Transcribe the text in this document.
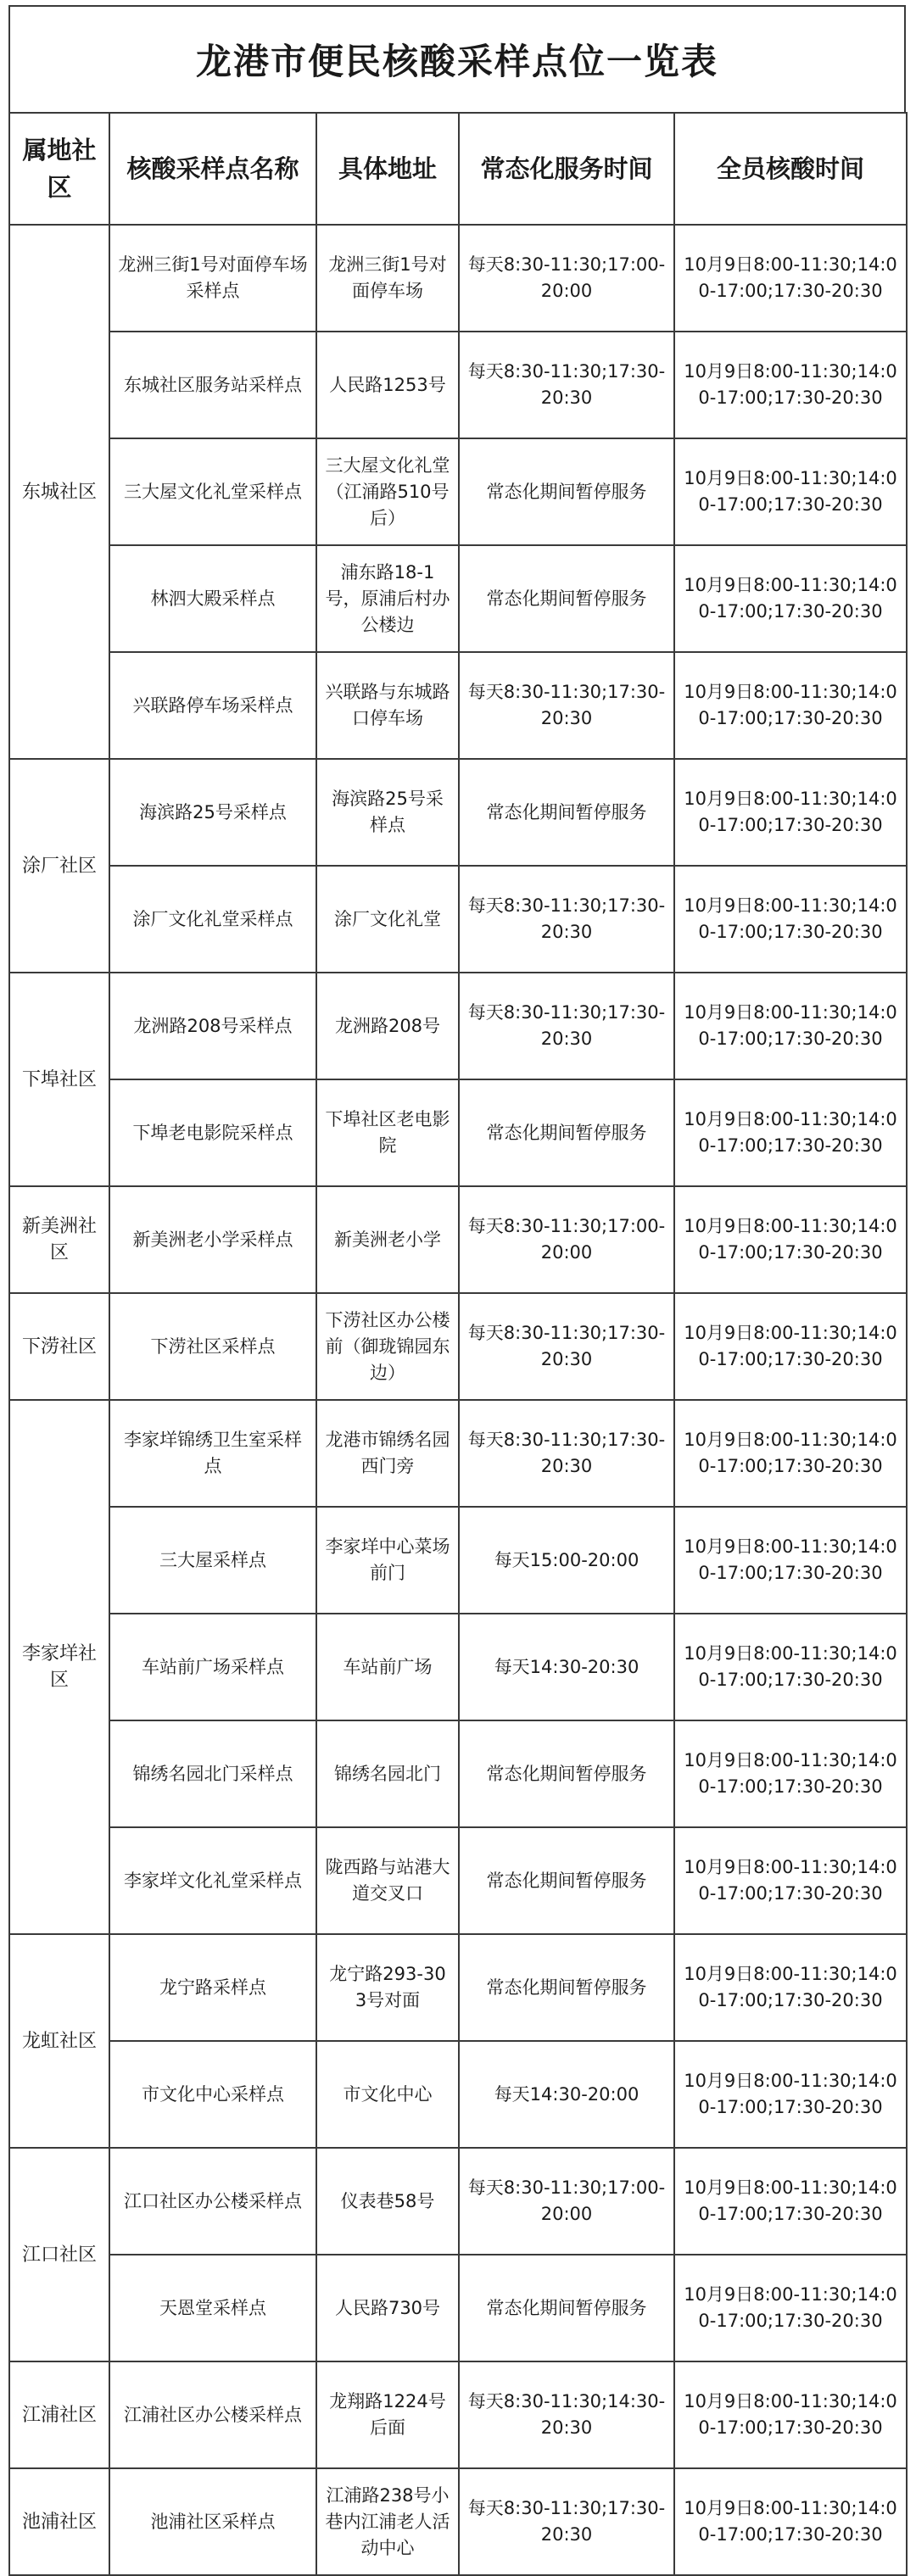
龙港市便民核酸采样点位一览表
属地社区	核酸采样点名称	具体地址	常态化服务时间	全员核酸时间
东城社区	龙洲三街1号对面停车场采样点	龙洲三街1号对面停车场	每天8:30-11:30;17:00-20:00	10月9日8:00-11:30;14:00-17:00;17:30-20:30
	东城社区服务站采样点	人民路1253号	每天8:30-11:30;17:30-20:30	10月9日8:00-11:30;14:00-17:00;17:30-20:30
	三大屋文化礼堂采样点	三大屋文化礼堂（江涌路510号后）	常态化期间暂停服务	10月9日8:00-11:30;14:00-17:00;17:30-20:30
	林泗大殿采样点	浦东路18-1号，原浦后村办公楼边	常态化期间暂停服务	10月9日8:00-11:30;14:00-17:00;17:30-20:30
	兴联路停车场采样点	兴联路与东城路口停车场	每天8:30-11:30;17:30-20:30	10月9日8:00-11:30;14:00-17:00;17:30-20:30
涂厂社区	海滨路25号采样点	海滨路25号采样点	常态化期间暂停服务	10月9日8:00-11:30;14:00-17:00;17:30-20:30
	涂厂文化礼堂采样点	涂厂文化礼堂	每天8:30-11:30;17:30-20:30	10月9日8:00-11:30;14:00-17:00;17:30-20:30
下埠社区	龙洲路208号采样点	龙洲路208号	每天8:30-11:30;17:30-20:30	10月9日8:00-11:30;14:00-17:00;17:30-20:30
	下埠老电影院采样点	下埠社区老电影院	常态化期间暂停服务	10月9日8:00-11:30;14:00-17:00;17:30-20:30
新美洲社区	新美洲老小学采样点	新美洲老小学	每天8:30-11:30;17:00-20:00	10月9日8:00-11:30;14:00-17:00;17:30-20:30
下涝社区	下涝社区采样点	下涝社区办公楼前（御珑锦园东边）	每天8:30-11:30;17:30-20:30	10月9日8:00-11:30;14:00-17:00;17:30-20:30
李家垟社区	李家垟锦绣卫生室采样点	龙港市锦绣名园西门旁	每天8:30-11:30;17:30-20:30	10月9日8:00-11:30;14:00-17:00;17:30-20:30
	三大屋采样点	李家垟中心菜场前门	每天15:00-20:00	10月9日8:00-11:30;14:00-17:00;17:30-20:30
	车站前广场采样点	车站前广场	每天14:30-20:30	10月9日8:00-11:30;14:00-17:00;17:30-20:30
	锦绣名园北门采样点	锦绣名园北门	常态化期间暂停服务	10月9日8:00-11:30;14:00-17:00;17:30-20:30
	李家垟文化礼堂采样点	陇西路与站港大道交叉口	常态化期间暂停服务	10月9日8:00-11:30;14:00-17:00;17:30-20:30
龙虹社区	龙宁路采样点	龙宁路293-303号对面	常态化期间暂停服务	10月9日8:00-11:30;14:00-17:00;17:30-20:30
	市文化中心采样点	市文化中心	每天14:30-20:00	10月9日8:00-11:30;14:00-17:00;17:30-20:30
江口社区	江口社区办公楼采样点	仪表巷58号	每天8:30-11:30;17:00-20:00	10月9日8:00-11:30;14:00-17:00;17:30-20:30
	天恩堂采样点	人民路730号	常态化期间暂停服务	10月9日8:00-11:30;14:00-17:00;17:30-20:30
江浦社区	江浦社区办公楼采样点	龙翔路1224号后面	每天8:30-11:30;14:30-20:30	10月9日8:00-11:30;14:00-17:00;17:30-20:30
池浦社区	池浦社区采样点	江浦路238号小巷内江浦老人活动中心	每天8:30-11:30;17:30-20:30	10月9日8:00-11:30;14:00-17:00;17:30-20:30
